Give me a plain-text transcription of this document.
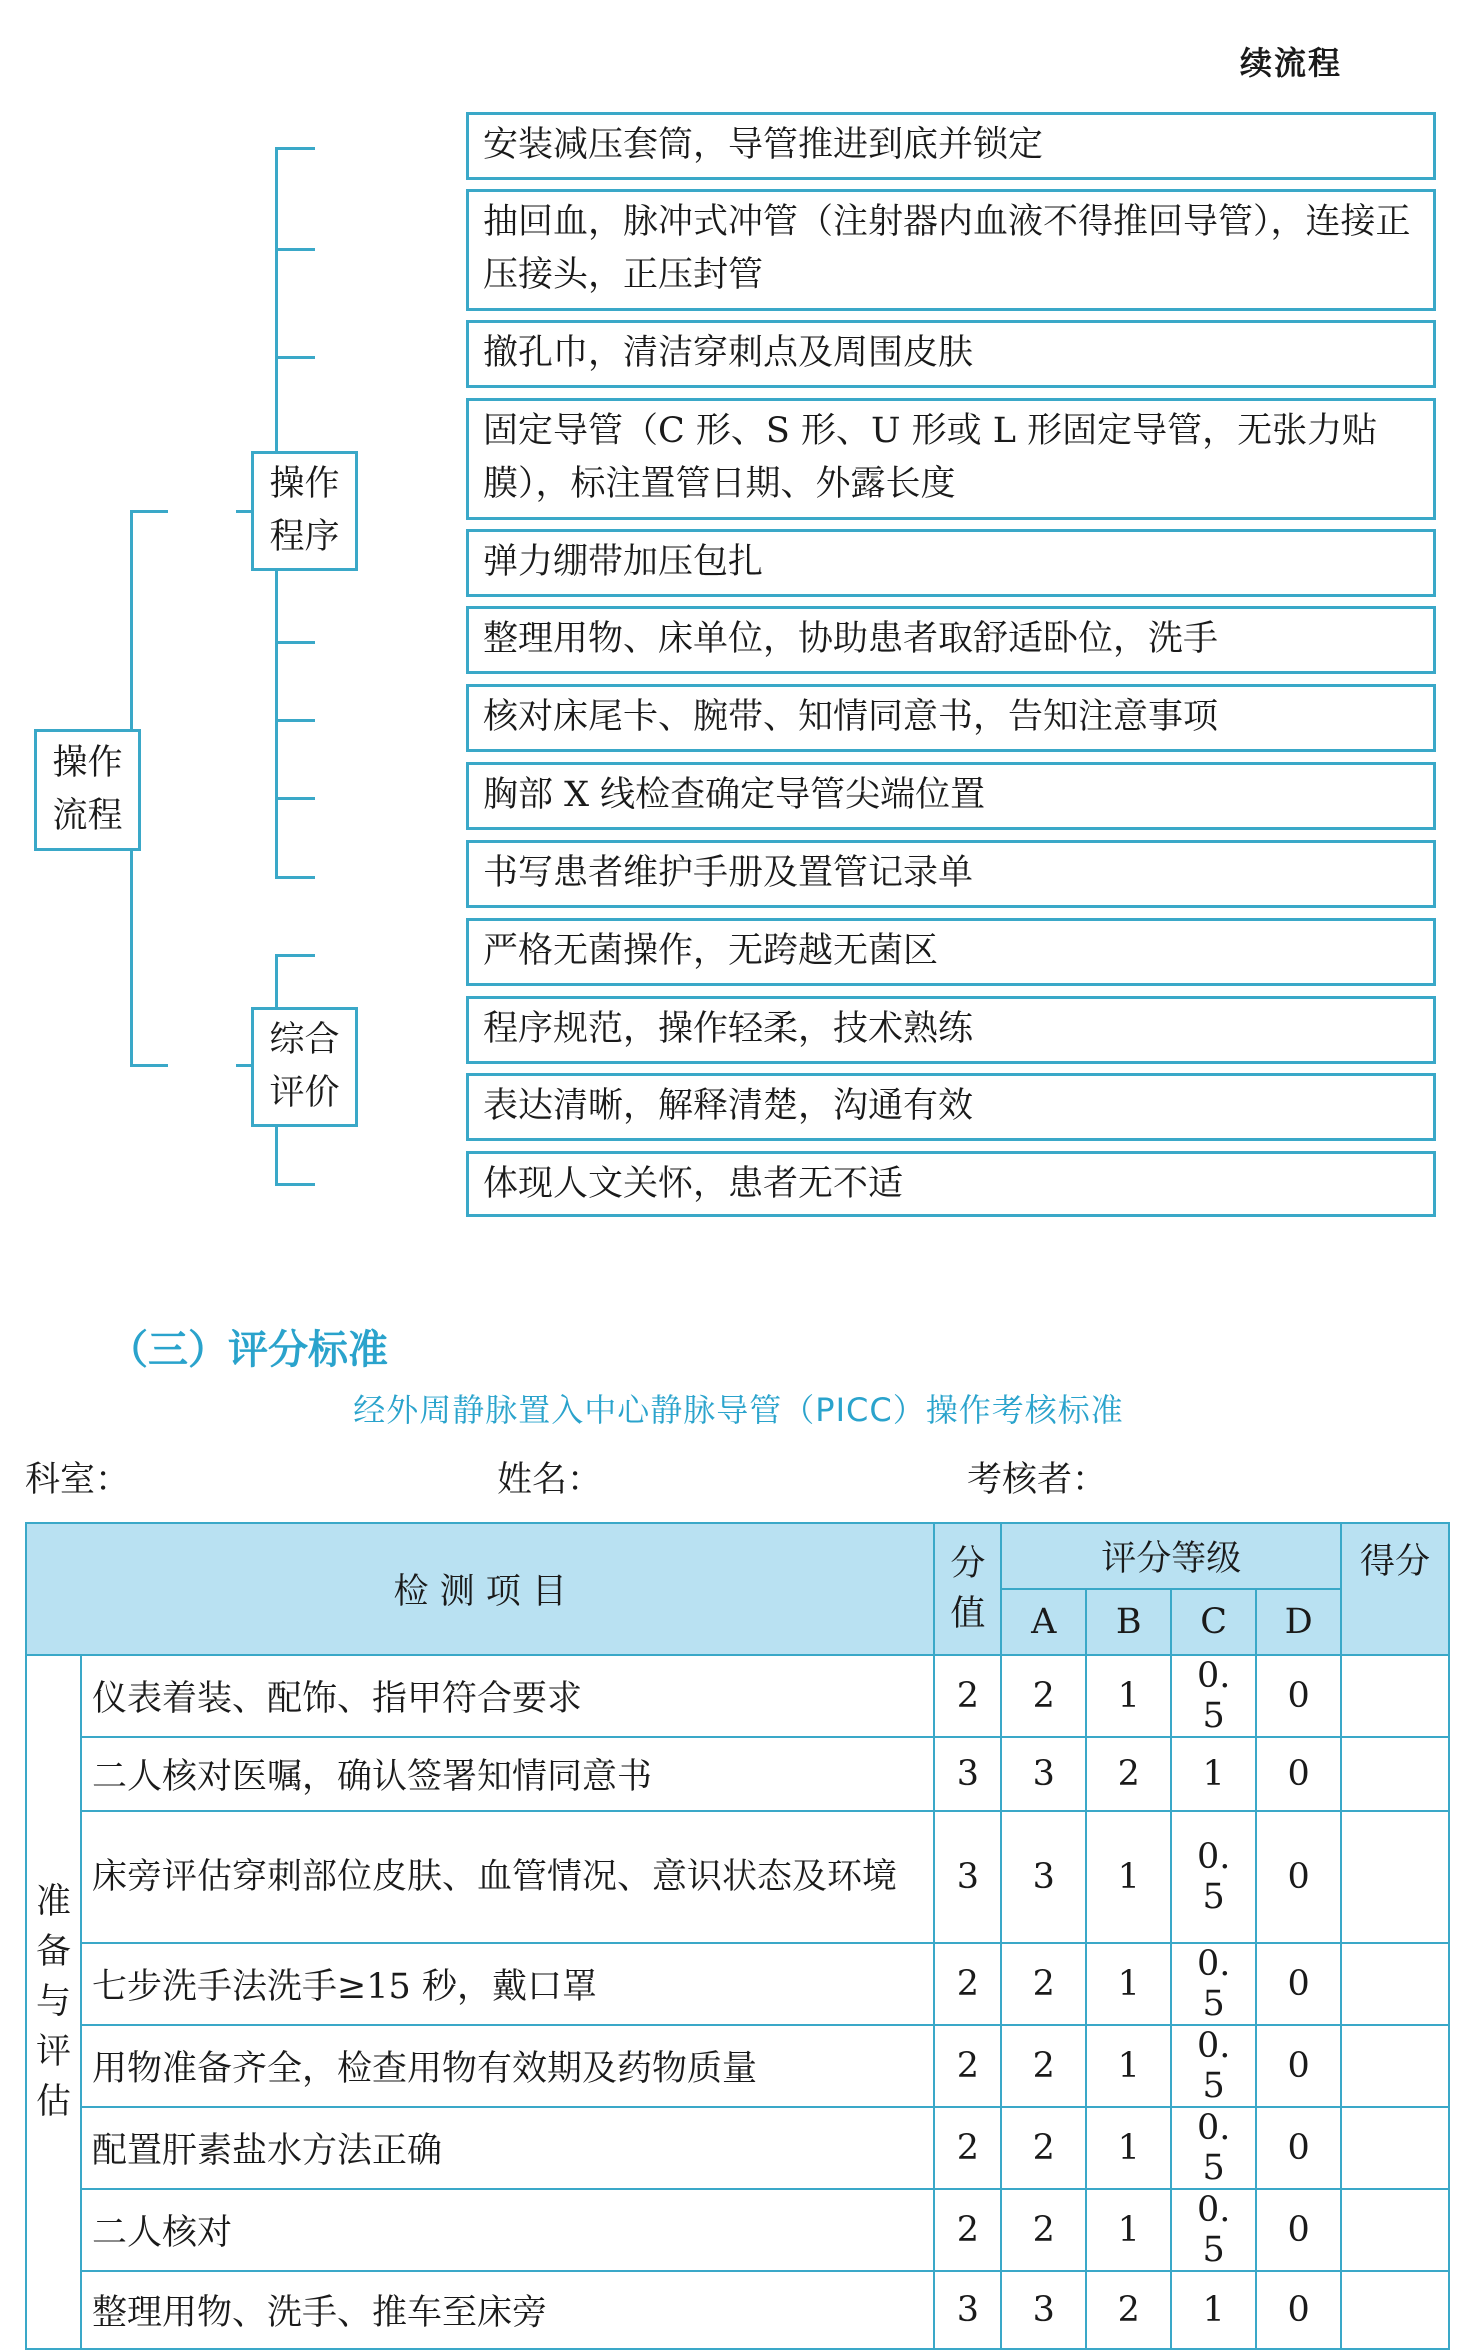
续流程
操作
流程
操作
程序
综合
评价
安装减压套筒，导管推进到底并锁定
抽回血，脉冲式冲管（注射器内血液不得推回导管），连接正压接头，正压封管
撤孔巾，清洁穿刺点及周围皮肤
固定导管（C 形、S 形、U 形或 L 形固定导管，无张力贴膜），标注置管日期、外露长度
弹力绷带加压包扎
整理用物、床单位，协助患者取舒适卧位，洗手
核对床尾卡、腕带、知情同意书，告知注意事项
胸部 X 线检查确定导管尖端位置
书写患者维护手册及置管记录单
严格无菌操作，无跨越无菌区
程序规范，操作轻柔，技术熟练
表达清晰，解释清楚，沟通有效
体现人文关怀，患者无不适
（三）评分标准
经外周静脉置入中心静脉导管（PICC）操作考核标准
科室：	姓名：	考核者：
检 测 项 目		分
值	评分等级				得分
			A	B	C	D	
准
备
与
评
估	仪表着装、配饰、指甲符合要求	2	2	1	0. 5	0	
	二人核对医嘱，确认签署知情同意书	3	3	2	1	0	
	床旁评估穿刺部位皮肤、血管情况、意识状态及环境	3	3	1	0. 5	0	
	七步洗手法洗手≥15 秒，戴口罩	2	2	1	0. 5	0	
	用物准备齐全，检查用物有效期及药物质量	2	2	1	0. 5	0	
	配置肝素盐水方法正确	2	2	1	0. 5	0	
	二人核对	2	2	1	0. 5	0	
	整理用物、洗手、推车至床旁	3	3	2	1	0	
